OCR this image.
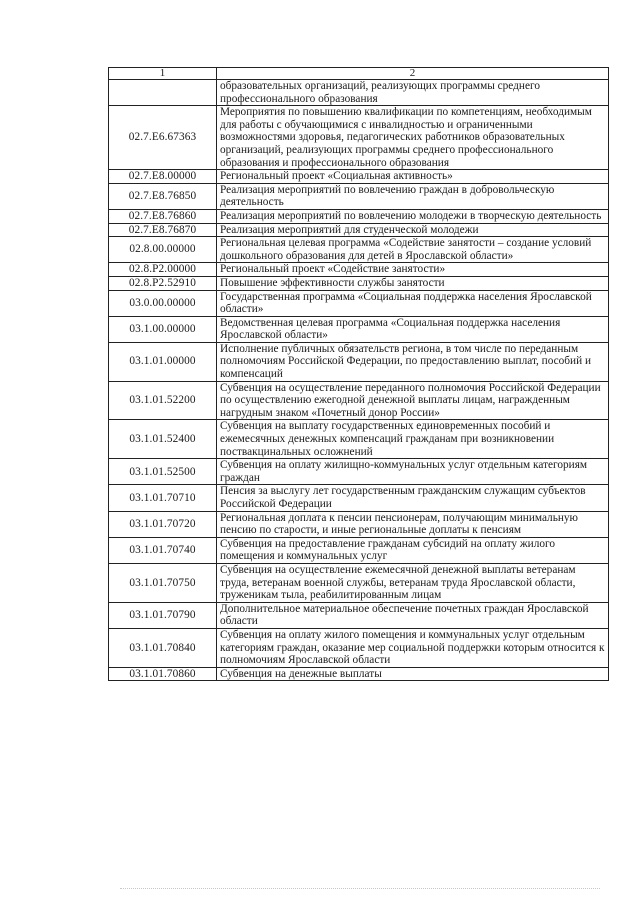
1	2
	образовательных организаций, реализующих программы среднего профессионального образования
02.7.Е6.67363	Мероприятия по повышению квалификации по компетенциям, необходимым для работы с обучающимися с инвалидностью и ограниченными возможностями здоровья, педагогических работников образовательных организаций, реализующих программы среднего профессионального образования и профессионального образования
02.7.Е8.00000	Региональный проект «Социальная активность»
02.7.Е8.76850	Реализация мероприятий по вовлечению граждан в добровольческую деятельность
02.7.Е8.76860	Реализация мероприятий по вовлечению молодежи в творческую деятельность
02.7.Е8.76870	Реализация мероприятий для студенческой молодежи
02.8.00.00000	Региональная целевая программа «Содействие занятости – создание условий дошкольного образования для детей в Ярославской области»
02.8.Р2.00000	Региональный проект «Содействие занятости»
02.8.Р2.52910	Повышение эффективности службы занятости
03.0.00.00000	Государственная программа «Социальная поддержка населения Ярославской области»
03.1.00.00000	Ведомственная целевая программа «Социальная поддержка населения Ярославской области»
03.1.01.00000	Исполнение публичных обязательств региона, в том числе по переданным полномочиям Российской Федерации, по предоставлению выплат, пособий и компенсаций
03.1.01.52200	Субвенция на осуществление переданного полномочия Российской Федерации по осуществлению ежегодной денежной выплаты лицам, награжденным нагрудным знаком «Почетный донор России»
03.1.01.52400	Субвенция на выплату государственных единовременных пособий и ежемесячных денежных компенсаций гражданам при возникновении поствакцинальных осложнений
03.1.01.52500	Субвенция на оплату жилищно-коммунальных услуг отдельным категориям граждан
03.1.01.70710	Пенсия за выслугу лет государственным гражданским служащим субъектов Российской Федерации
03.1.01.70720	Региональная доплата к пенсии пенсионерам, получающим минимальную пенсию по старости, и иные региональные доплаты к пенсиям
03.1.01.70740	Субвенция на предоставление гражданам субсидий на оплату жилого помещения и коммунальных услуг
03.1.01.70750	Субвенция на осуществление ежемесячной денежной выплаты ветеранам труда, ветеранам военной службы, ветеранам труда Ярославской области, труженикам тыла, реабилитированным лицам
03.1.01.70790	Дополнительное материальное обеспечение почетных граждан Ярославской области
03.1.01.70840	Субвенция на оплату жилого помещения и коммунальных услуг отдельным категориям граждан, оказание мер социальной поддержки которым относится к полномочиям Ярославской области
03.1.01.70860	Субвенция на денежные выплаты
